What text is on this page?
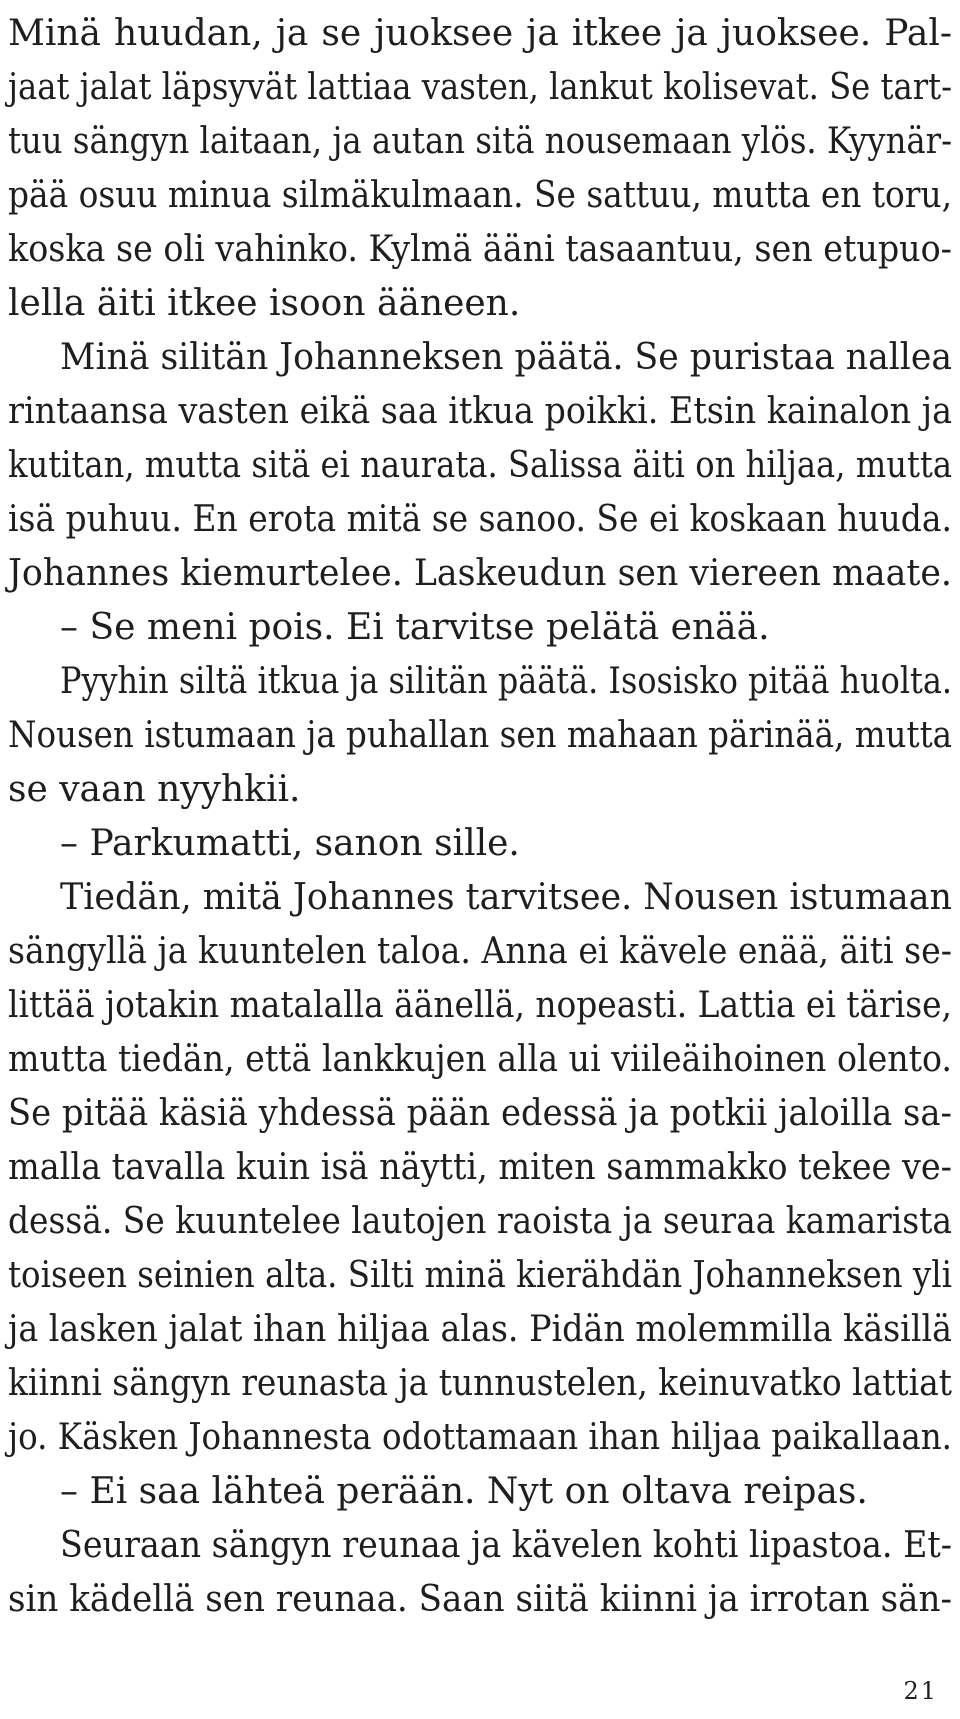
Minä huudan, ja se juoksee ja itkee ja juoksee. Pal-
jaat jalat läpsyvät lattiaa vasten, lankut kolisevat. Se tart-
tuu sängyn laitaan, ja autan sitä nousemaan ylös. Kyynär-
pää osuu minua silmäkulmaan. Se sattuu, mutta en toru,
koska se oli vahinko. Kylmä ääni tasaantuu, sen etupuo-
lella äiti itkee isoon ääneen.
Minä silitän Johanneksen päätä. Se puristaa nallea
rintaansa vasten eikä saa itkua poikki. Etsin kainalon ja
kutitan, mutta sitä ei naurata. Salissa äiti on hiljaa, mutta
isä puhuu. En erota mitä se sanoo. Se ei koskaan huuda.
Johannes kiemurtelee. Laskeudun sen viereen maate.
– Se meni pois. Ei tarvitse pelätä enää.
Pyyhin siltä itkua ja silitän päätä. Isosisko pitää huolta.
Nousen istumaan ja puhallan sen mahaan pärinää, mutta
se vaan nyyhkii.
– Parkumatti, sanon sille.
Tiedän, mitä Johannes tarvitsee. Nousen istumaan
sängyllä ja kuuntelen taloa. Anna ei kävele enää, äiti se-
littää jotakin matalalla äänellä, nopeasti. Lattia ei tärise,
mutta tiedän, että lankkujen alla ui viileäihoinen olento.
Se pitää käsiä yhdessä pään edessä ja potkii jaloilla sa-
malla tavalla kuin isä näytti, miten sammakko tekee ve-
dessä. Se kuuntelee lautojen raoista ja seuraa kamarista
toiseen seinien alta. Silti minä kierähdän Johanneksen yli
ja lasken jalat ihan hiljaa alas. Pidän molemmilla käsillä
kiinni sängyn reunasta ja tunnustelen, keinuvatko lattiat
jo. Käsken Johannesta odottamaan ihan hiljaa paikallaan.
– Ei saa lähteä perään. Nyt on oltava reipas.
Seuraan sängyn reunaa ja kävelen kohti lipastoa. Et-
sin kädellä sen reunaa. Saan siitä kiinni ja irrotan sän-
21
